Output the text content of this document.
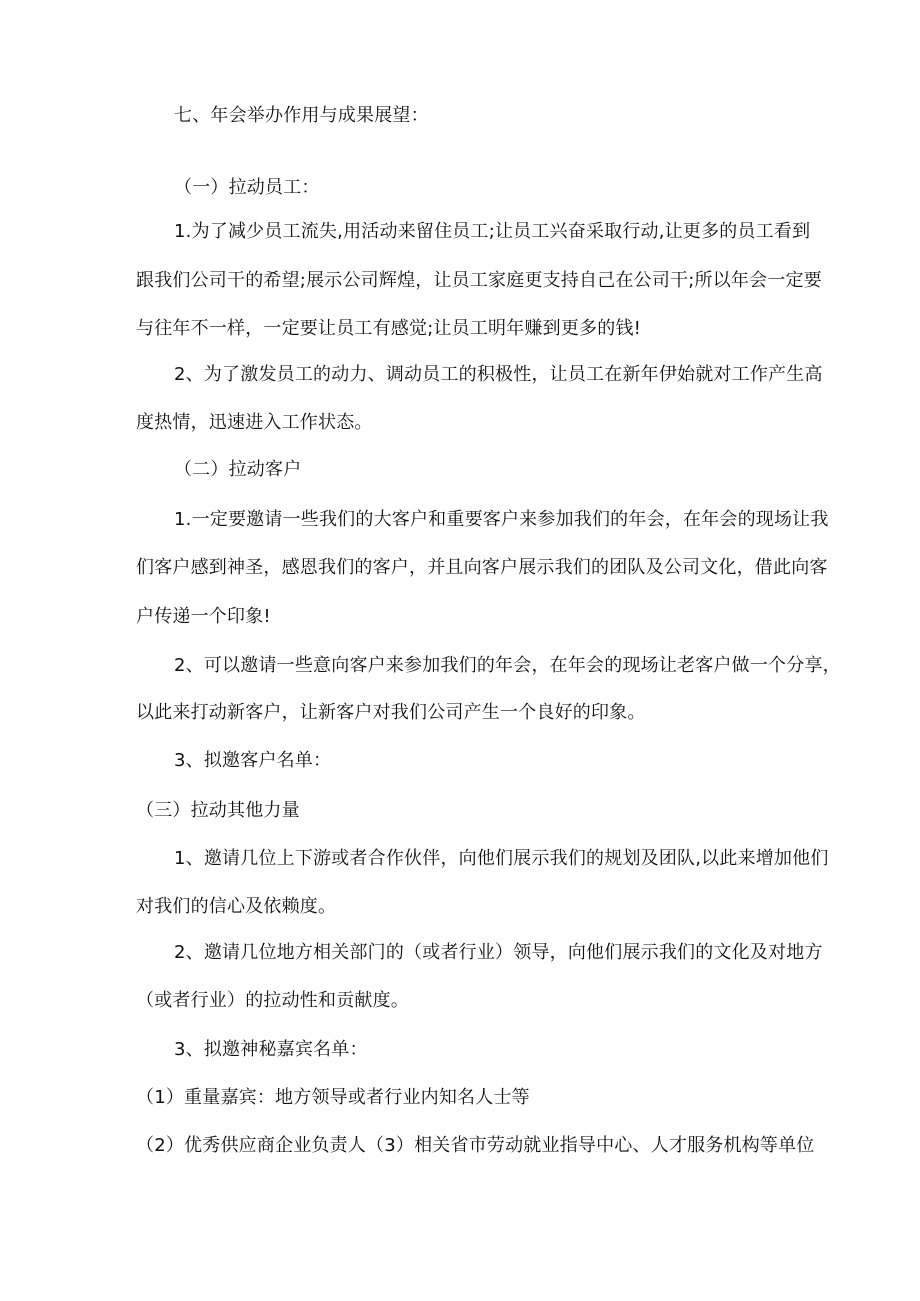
七、年会举办作用与成果展望：
（一）拉动员工：
1.为了减少员工流失,用活动来留住员工;让员工兴奋采取行动,让更多的员工看到
跟我们公司干的希望;展示公司辉煌，让员工家庭更支持自己在公司干;所以年会一定要
与往年不一样，一定要让员工有感觉;让员工明年赚到更多的钱!
2、为了激发员工的动力、调动员工的积极性，让员工在新年伊始就对工作产生高
度热情，迅速进入工作状态。
（二）拉动客户
1.一定要邀请一些我们的大客户和重要客户来参加我们的年会，在年会的现场让我
们客户感到神圣，感恩我们的客户，并且向客户展示我们的团队及公司文化，借此向客
户传递一个印象!
2、可以邀请一些意向客户来参加我们的年会，在年会的现场让老客户做一个分享，
以此来打动新客户，让新客户对我们公司产生一个良好的印象。
3、拟邀客户名单：
（三）拉动其他力量
1、邀请几位上下游或者合作伙伴，向他们展示我们的规划及团队,以此来增加他们
对我们的信心及依赖度。
2、邀请几位地方相关部门的（或者行业）领导，向他们展示我们的文化及对地方
（或者行业）的拉动性和贡献度。
3、拟邀神秘嘉宾名单：
（1）重量嘉宾：地方领导或者行业内知名人士等
（2）优秀供应商企业负责人（3）相关省市劳动就业指导中心、人才服务机构等单位
